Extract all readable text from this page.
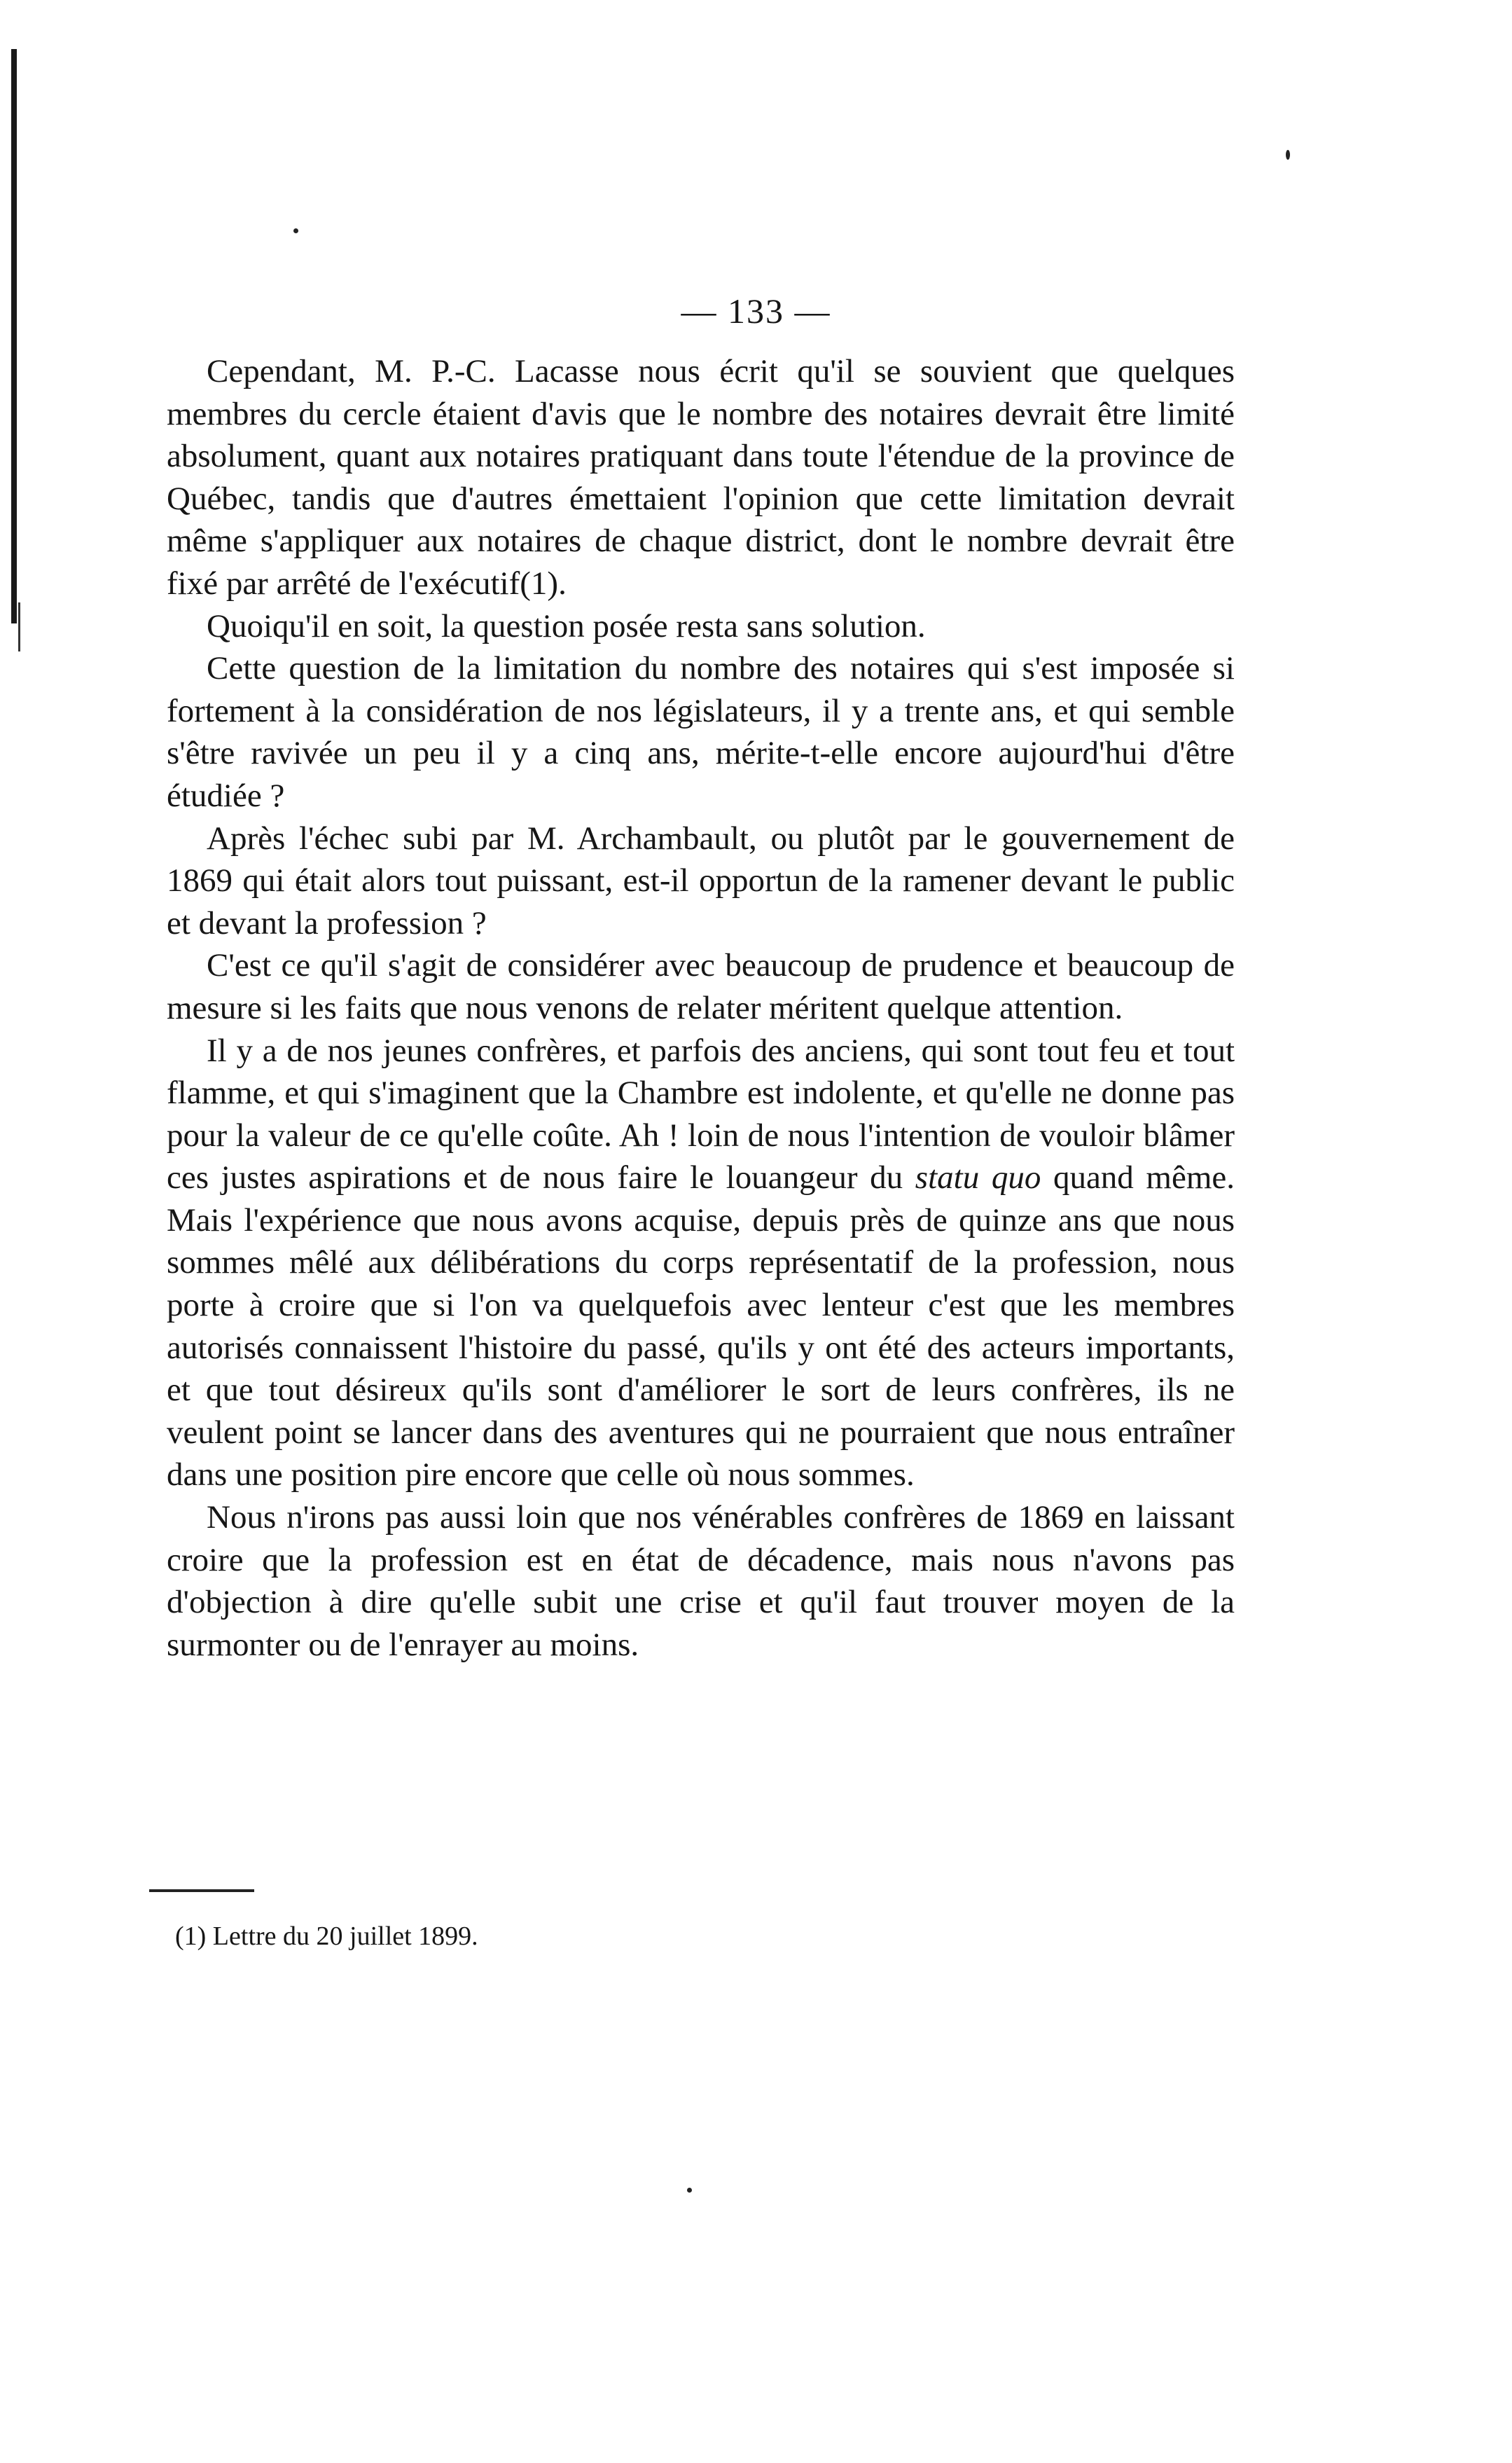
— 133 —

Cependant, M. P.-C. Lacasse nous écrit qu'il se souvient que quelques membres du cercle étaient d'avis que le nombre des notaires devrait être limité absolument, quant aux notaires pratiquant dans toute l'étendue de la province de Québec, tandis que d'autres émettaient l'opinion que cette limitation devrait même s'appliquer aux notaires de chaque district, dont le nombre devrait être fixé par arrêté de l'exécutif(1).

Quoiqu'il en soit, la question posée resta sans solution.

Cette question de la limitation du nombre des notaires qui s'est imposée si fortement à la considération de nos législateurs, il y a trente ans, et qui semble s'être ravivée un peu il y a cinq ans, mérite-t-elle encore aujourd'hui d'être étudiée ?

Après l'échec subi par M. Archambault, ou plutôt par le gouvernement de 1869 qui était alors tout puissant, est-il opportun de la ramener devant le public et devant la profession ?

C'est ce qu'il s'agit de considérer avec beaucoup de prudence et beaucoup de mesure si les faits que nous venons de relater méritent quelque attention.

Il y a de nos jeunes confrères, et parfois des anciens, qui sont tout feu et tout flamme, et qui s'imaginent que la Chambre est indolente, et qu'elle ne donne pas pour la valeur de ce qu'elle coûte. Ah ! loin de nous l'intention de vouloir blâmer ces justes aspirations et de nous faire le louangeur du statu quo quand même. Mais l'expérience que nous avons acquise, depuis près de quinze ans que nous sommes mêlé aux délibérations du corps représentatif de la profession, nous porte à croire que si l'on va quelquefois avec lenteur c'est que les membres autorisés connaissent l'histoire du passé, qu'ils y ont été des acteurs importants, et que tout désireux qu'ils sont d'améliorer le sort de leurs confrères, ils ne veulent point se lancer dans des aventures qui ne pourraient que nous entraîner dans une position pire encore que celle où nous sommes.

Nous n'irons pas aussi loin que nos vénérables confrères de 1869 en laissant croire que la profession est en état de décadence, mais nous n'avons pas d'objection à dire qu'elle subit une crise et qu'il faut trouver moyen de la surmonter ou de l'enrayer au moins.

(1) Lettre du 20 juillet 1899.
